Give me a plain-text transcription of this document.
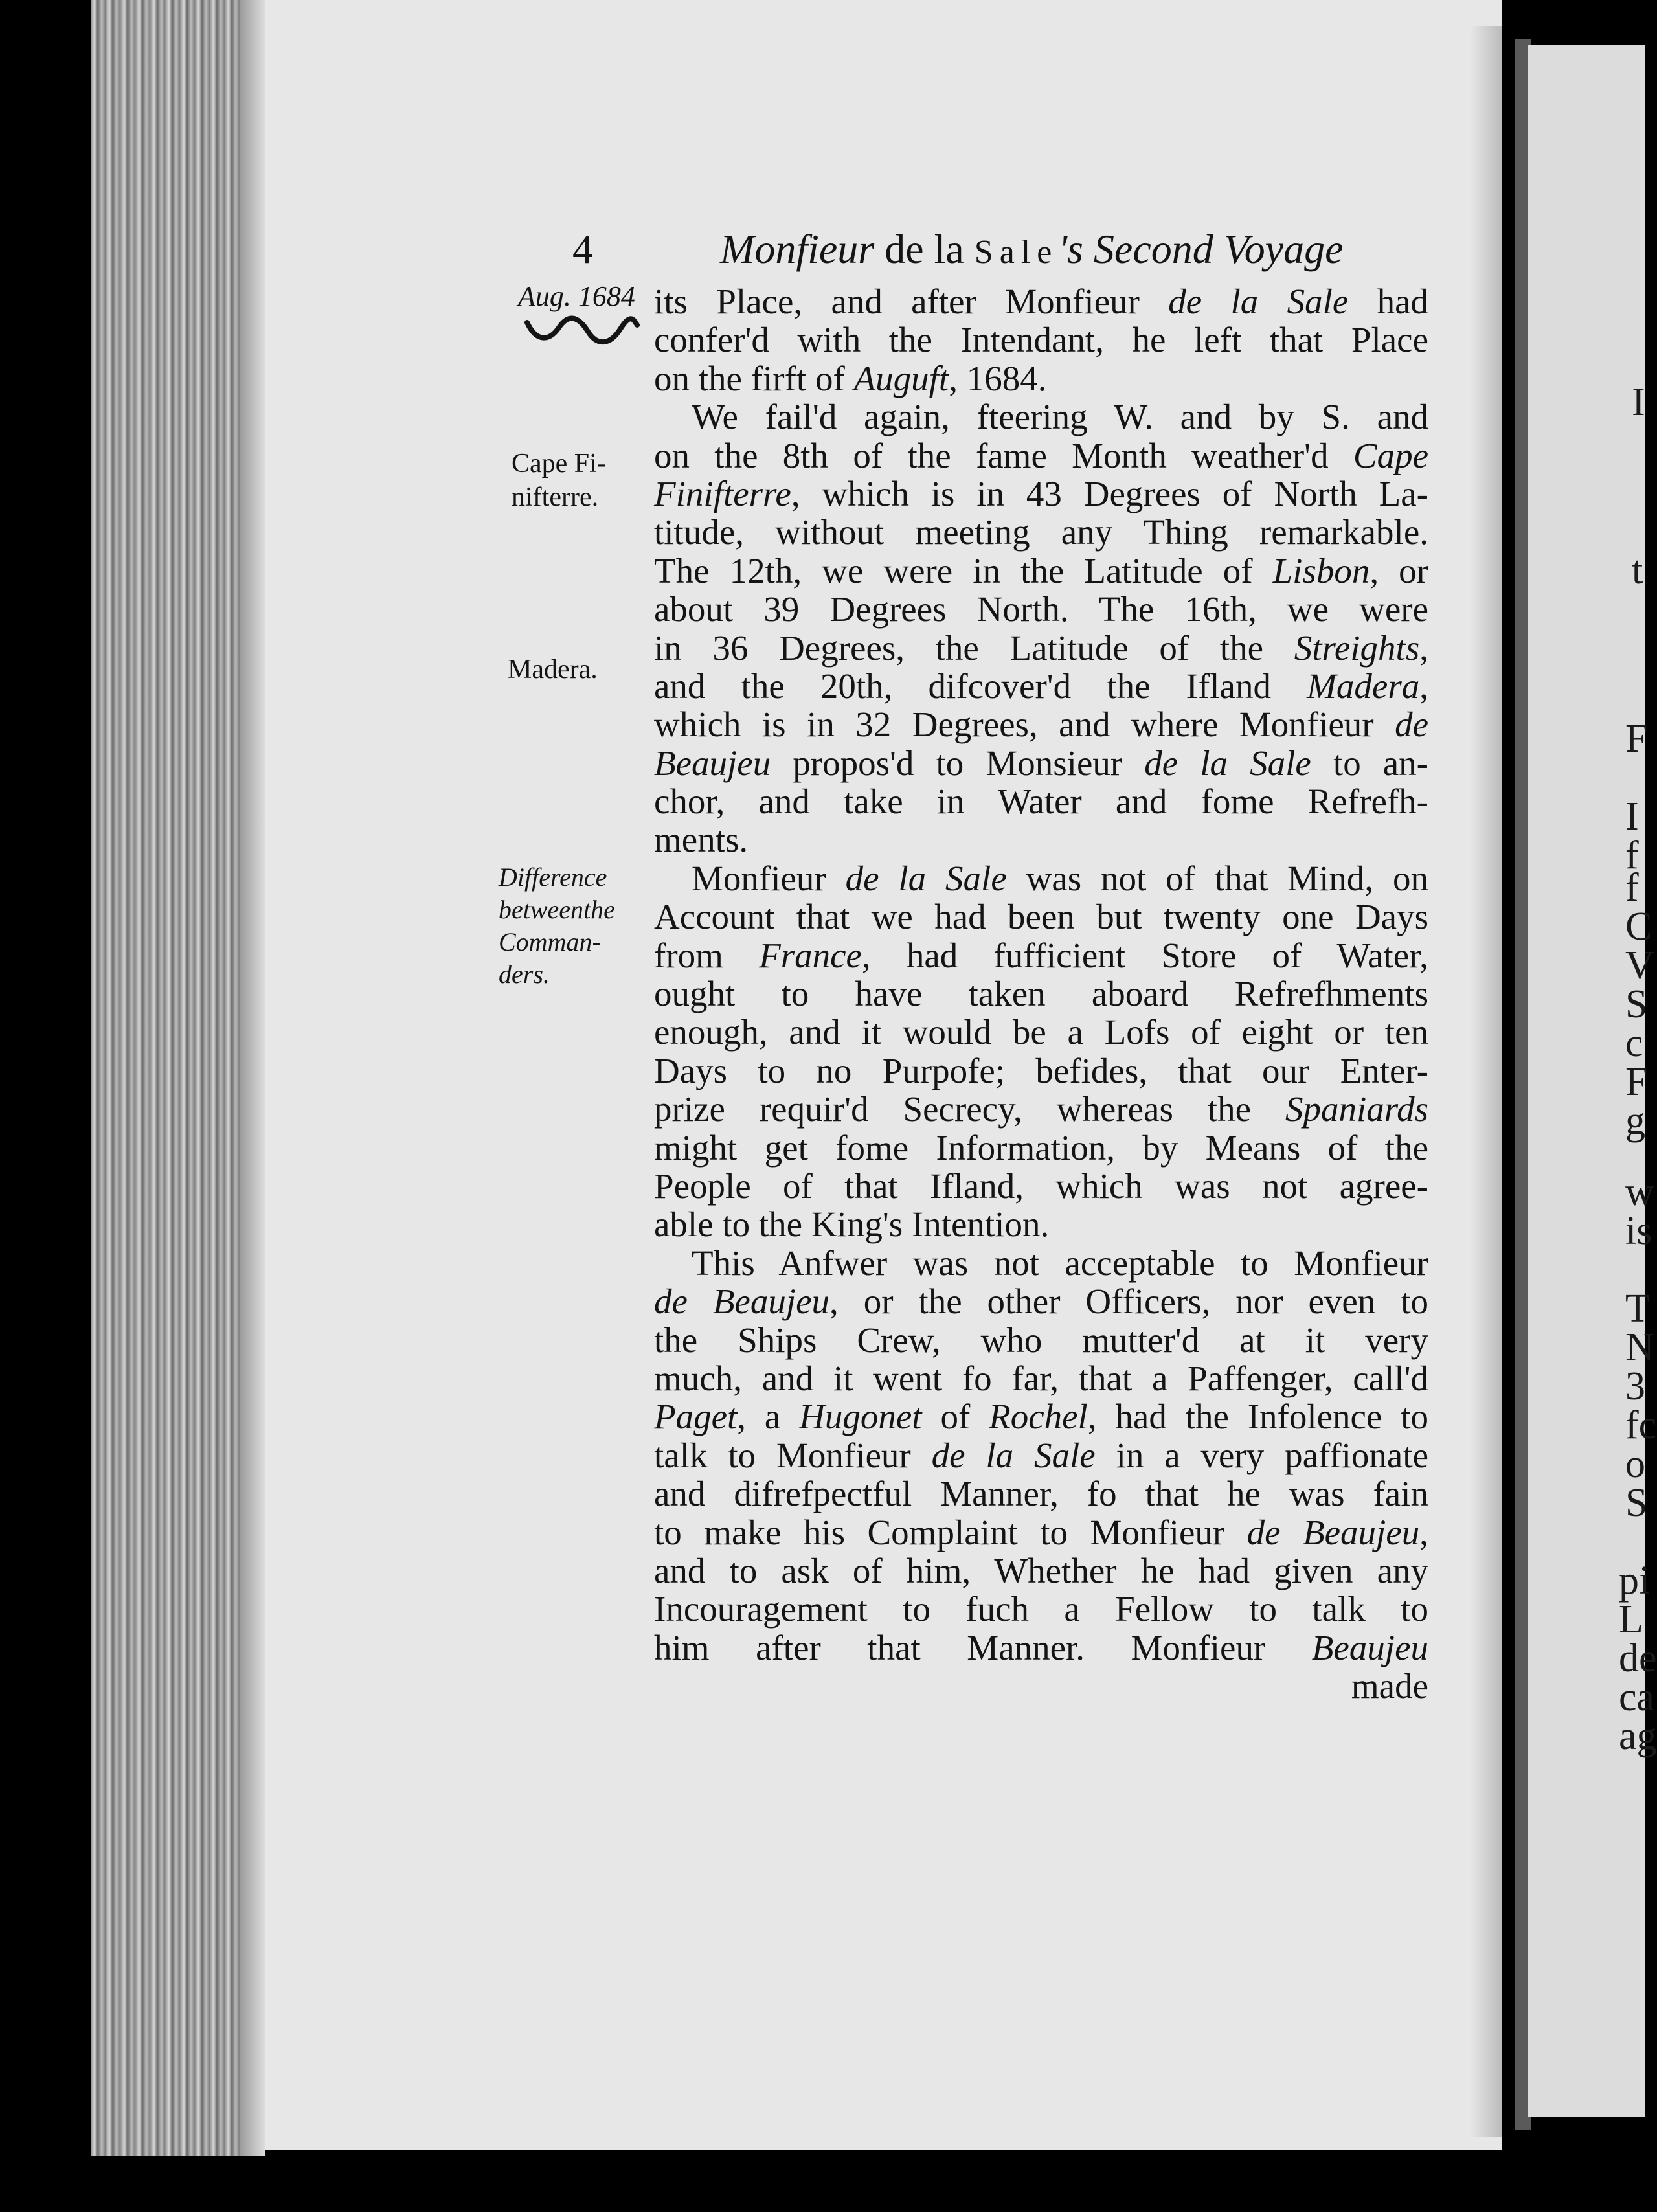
I
t
F
I
f
f
C
V
S
c
F
g
w
is
T
N
3
fc
o
S
pi
L
de
ca
ag
4	Monfieur de la Sale's Second Voyage
Aug. 1684
Cape Fi-
nifterre.
Madera.
Difference
betweenthe
Comman-
ders.
its Place, and after Monfieur de la Sale had
confer'd with the Intendant, he left that Place
on the firft of Auguft, 1684.
We fail'd again, fteering W. and by S. and
on the 8th of the fame Month weather'd Cape
Finifterre, which is in 43 Degrees of North La-
titude, without meeting any Thing remarkable.
The 12th, we were in the Latitude of Lisbon, or
about 39 Degrees North. The 16th, we were
in 36 Degrees, the Latitude of the Streights,
and the 20th, difcover'd the Ifland Madera,
which is in 32 Degrees, and where Monfieur de
Beaujeu propos'd to Monsieur de la Sale to an-
chor, and take in Water and fome Refrefh-
ments.
Monfieur de la Sale was not of that Mind, on
Account that we had been but twenty one Days
from France, had fufficient Store of Water,
ought to have taken aboard Refrefhments
enough, and it would be a Lofs of eight or ten
Days to no Purpofe; befides, that our Enter-
prize requir'd Secrecy, whereas the Spaniards
might get fome Information, by Means of the
People of that Ifland, which was not agree-
able to the King's Intention.
This Anfwer was not acceptable to Monfieur
de Beaujeu, or the other Officers, nor even to
the Ships Crew, who mutter'd at it very
much, and it went fo far, that a Paffenger, call'd
Paget, a Hugonet of Rochel, had the Infolence to
talk to Monfieur de la Sale in a very paffionate
and difrefpectful Manner, fo that he was fain
to make his Complaint to Monfieur de Beaujeu,
and to ask of him, Whether he had given any
Incouragement to fuch a Fellow to talk to
him after that Manner. Monfieur Beaujeu
made
